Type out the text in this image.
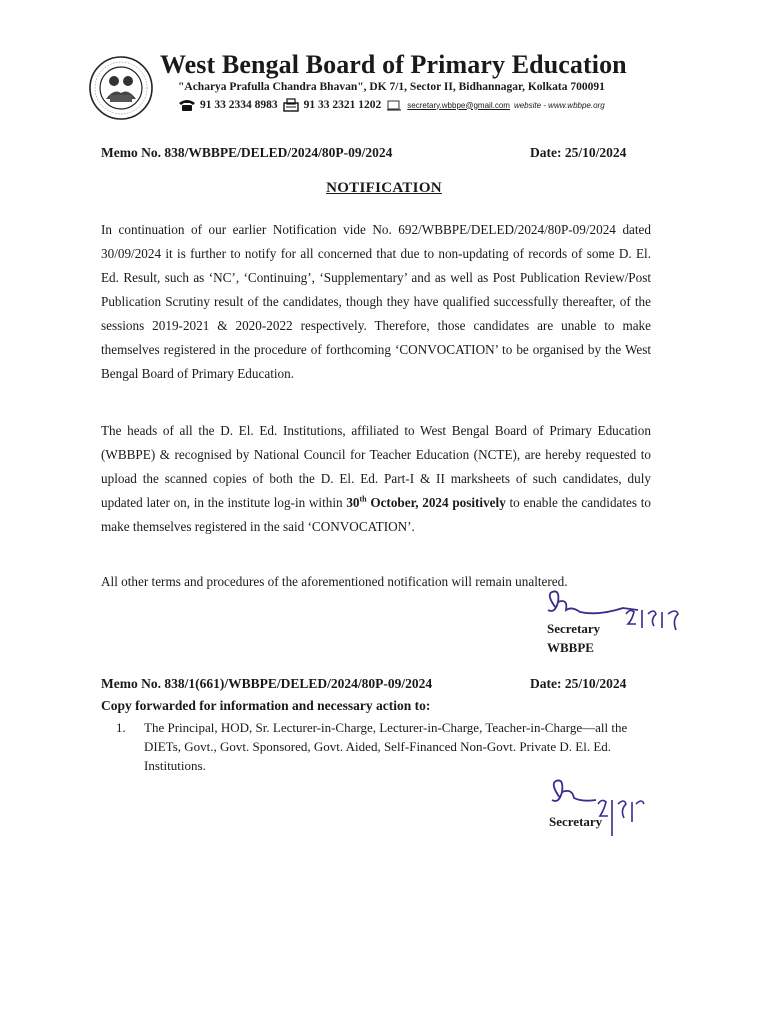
West Bengal Board of Primary Education
"Acharya Prafulla Chandra Bhavan", DK 7/1, Sector II, Bidhannagar, Kolkata 700091
91 33 2334 8983 91 33 2321 1202	secretary.wbbpe@gmail.com website - www.wbbpe.org
Memo No. 838/WBBPE/DELED/2024/80P-09/2024	Date: 25/10/2024
NOTIFICATION
In continuation of our earlier Notification vide No. 692/WBBPE/DELED/2024/80P-09/2024 dated 30/09/2024 it is further to notify for all concerned that due to non-updating of records of some D. El. Ed. Result, such as ‘NC’, ‘Continuing’, ‘Supplementary’ and as well as Post Publication Review/Post Publication Scrutiny result of the candidates, though they have qualified successfully thereafter, of the sessions 2019-2021 & 2020-2022 respectively. Therefore, those candidates are unable to make themselves registered in the procedure of forthcoming ‘CONVOCATION’ to be organised by the West Bengal Board of Primary Education.
The heads of all the D. El. Ed. Institutions, affiliated to West Bengal Board of Primary Education (WBBPE) & recognised by National Council for Teacher Education (NCTE), are hereby requested to upload the scanned copies of both the D. El. Ed. Part-I & II marksheets of such candidates, duly updated later on, in the institute log-in within 30th October, 2024 positively to enable the candidates to make themselves registered in the said ‘CONVOCATION’.
All other terms and procedures of the aforementioned notification will remain unaltered.
Secretary
WBBPE
Memo No. 838/1(661)/WBBPE/DELED/2024/80P-09/2024	Date: 25/10/2024
Copy forwarded for information and necessary action to:
1.	The Principal, HOD, Sr. Lecturer-in-Charge, Lecturer-in-Charge, Teacher-in-Charge—all the DIETs, Govt., Govt. Sponsored, Govt. Aided, Self-Financed Non-Govt. Private D. El. Ed. Institutions.
Secretary
